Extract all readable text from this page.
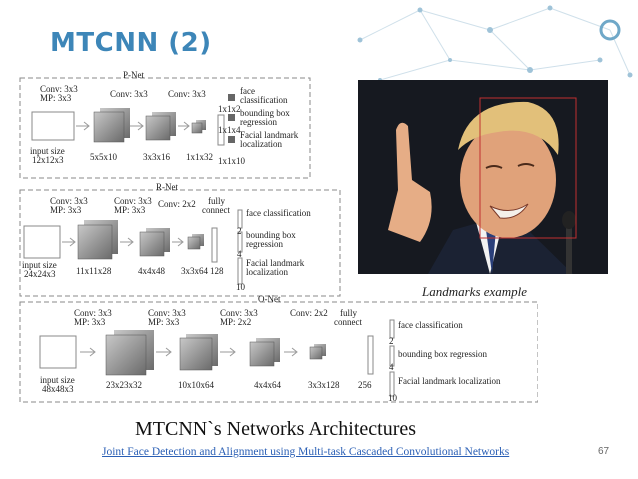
MTCNN (2)
P-Net
Conv: 3x3
MP: 3x3	Conv: 3x3 Conv: 3x3
input size
12x12x3	5x5x10	3x3x16 1x1x32
face
classification
bounding box
regression
Facial landmark
localization
1x1x2
1x1x4
1x1x10
R-Net
Conv: 3x3
MP: 3x3
Conv: 3x3
MP: 3x3
Conv: 2x2 fully
connect
input size
24x24x3 11x11x28	4x4x48 3x3x64 128
face classification
bounding box
regression
Facial landmark
localization
2
4
10
O-Net
Conv: 3x3
MP: 3x3
Conv: 3x3
MP: 3x3
Conv: 3x3
MP: 2x2
Conv: 2x2 fully
connect
input size
48x48x3	23x23x32	10x10x64	4x4x64	3x3x128 256
face classification
bounding box regression
Facial landmark localization
2
4
10
Landmarks example
MTCNN`s Networks Architectures
Joint Face Detection and Alignment using Multi-task Cascaded Convolutional Networks	67
